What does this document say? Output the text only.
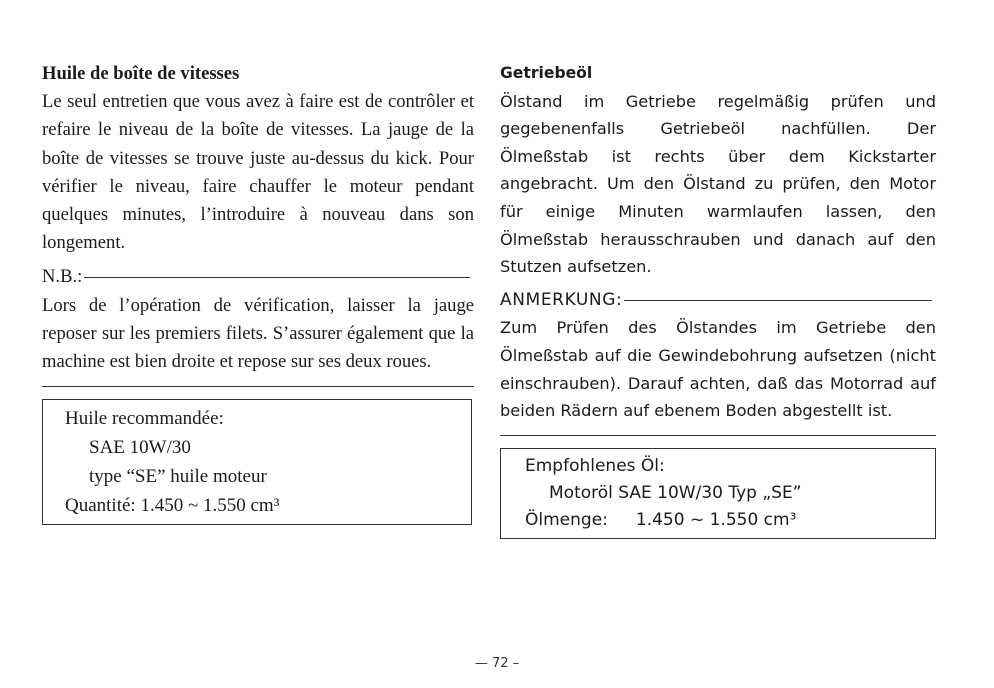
Huile de boîte de vitesses

Le seul entretien que vous avez à faire est de contrôler et refaire le niveau de la boîte de vitesses. La jauge de la boîte de vitesses se trouve juste au-dessus du kick. Pour vérifier le niveau, faire chauffer le moteur pendant quelques minutes, l’introduire à nouveau dans son longement.

N.B.:

Lors de l’opération de vérification, laisser la jauge reposer sur les premiers filets. S’assurer également que la machine est bien droite et repose sur ses deux roues.

Huile recommandée:

SAE 10W/30

type “SE” huile moteur

Quantité: 1.450 ~ 1.550 cm³

Getriebeöl

Ölstand im Getriebe regelmäßig prüfen und gegebenenfalls Getriebeöl nachfüllen. Der Ölmeßstab ist rechts über dem Kickstarter angebracht. Um den Ölstand zu prüfen, den Motor für einige Minuten warmlaufen lassen, den Ölmeßstab herausschrauben und danach auf den Stutzen aufsetzen.

ANMERKUNG:

Zum Prüfen des Ölstandes im Getriebe den Ölmeßstab auf die Gewindebohrung aufsetzen (nicht einschrauben). Darauf achten, daß das Motorrad auf beiden Rädern auf ebenem Boden abgestellt ist.

Empfohlenes Öl:

Motoröl SAE 10W/30 Typ „SE”

Ölmenge: 1.450 ~ 1.550 cm³

— 72 –
